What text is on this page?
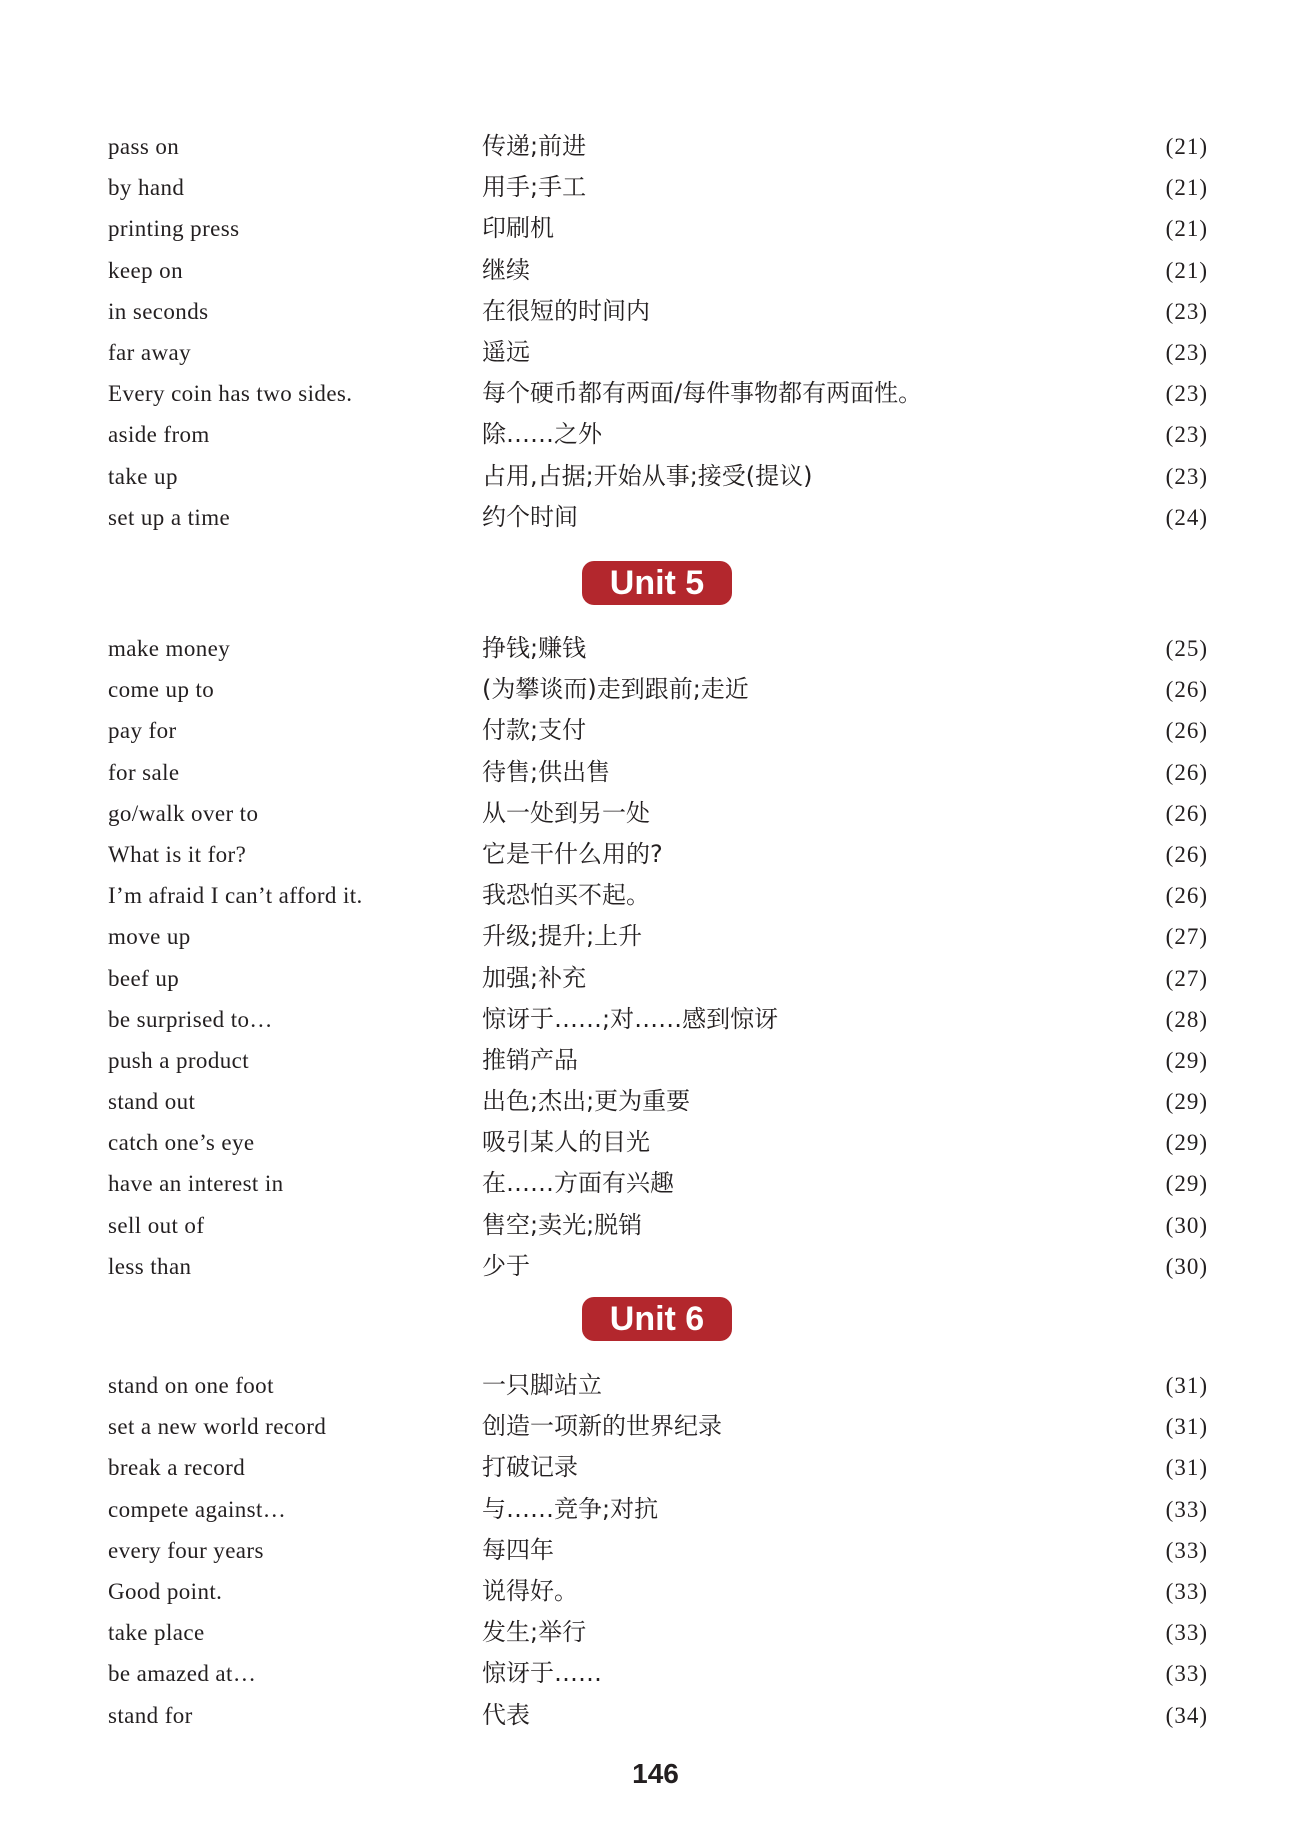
pass on	传递;前进	(21)
by hand	用手;手工	(21)
printing press	印刷机	(21)
keep on	继续	(21)
in seconds	在很短的时间内	(23)
far away	遥远	(23)
Every coin has two sides.	每个硬币都有两面/每件事物都有两面性。	(23)
aside from	除……之外	(23)
take up	占用,占据;开始从事;接受(提议)	(23)
set up a time	约个时间	(24)
Unit 5
make money	挣钱;赚钱	(25)
come up to	(为攀谈而)走到跟前;走近	(26)
pay for	付款;支付	(26)
for sale	待售;供出售	(26)
go/walk over to	从一处到另一处	(26)
What is it for?	它是干什么用的?	(26)
I’m afraid I can’t afford it.	我恐怕买不起。	(26)
move up	升级;提升;上升	(27)
beef up	加强;补充	(27)
be surprised to…	惊讶于……;对……感到惊讶	(28)
push a product	推销产品	(29)
stand out	出色;杰出;更为重要	(29)
catch one’s eye	吸引某人的目光	(29)
have an interest in	在……方面有兴趣	(29)
sell out of	售空;卖光;脱销	(30)
less than	少于	(30)
Unit 6
stand on one foot	一只脚站立	(31)
set a new world record	创造一项新的世界纪录	(31)
break a record	打破记录	(31)
compete against…	与……竞争;对抗	(33)
every four years	每四年	(33)
Good point.	说得好。	(33)
take place	发生;举行	(33)
be amazed at…	惊讶于……	(33)
stand for	代表	(34)
146
